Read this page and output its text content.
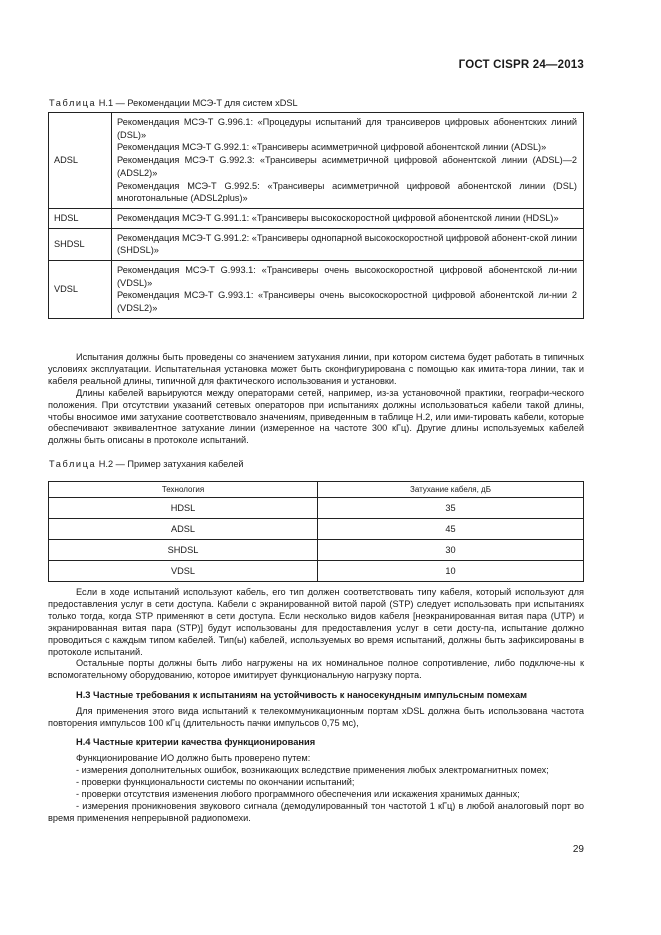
ГОСТ CISPR 24—2013
Таблица Н.1 — Рекомендации МСЭ-Т для систем xDSL
ADSL	Рекомендация МСЭ-Т G.996.1: «Процедуры испытаний для трансиверов цифровых абонентских линий (DSL)»
Рекомендация МСЭ-Т G.992.1: «Трансиверы асимметричной цифровой абонентской линии (ADSL)»
Рекомендация МСЭ-Т G.992.3: «Трансиверы асимметричной цифровой абонентской линии (ADSL)—2 (ADSL2)»
Рекомендация МСЭ-Т G.992.5: «Трансиверы асимметричной цифровой абонентской линии (DSL) многотональные (ADSL2plus)»

HDSL	Рекомендация МСЭ-Т G.991.1: «Трансиверы высокоскоростной цифровой абонентской линии (HDSL)»

SHDSL	Рекомендация МСЭ-Т G.991.2: «Трансиверы однопарной высокоскоростной цифровой абонент-ской линии (SHDSL)»

VDSL	Рекомендация МСЭ-Т G.993.1: «Трансиверы очень высокоскоростной цифровой абонентской ли-нии (VDSL)»
Рекомендация МСЭ-Т G.993.1: «Трансиверы очень высокоскоростной цифровой абонентской ли-нии 2 (VDSL2)»

Испытания должны быть проведены со значением затухания линии, при котором система будет работать в типичных условиях эксплуатации. Испытательная установка может быть сконфигурирована с помощью как имита-тора линии, так и кабеля реальной длины, типичной для фактического использования и установки.

Длины кабелей варьируются между операторами сетей, например, из-за установочной практики, географи-ческого положения. При отсутствии указаний сетевых операторов при испытаниях должны использоваться кабели такой длины, чтобы вносимое ими затухание соответствовало значениям, приведенным в таблице Н.2, или ими-тировать кабели, которые обеспечивают эквивалентное затухание линии (измеренное на частоте 300 кГц). Другие длины используемых кабелей должны быть описаны в протоколе испытаний.

Таблица Н.2 — Пример затухания кабелей
Технология	Затухание кабеля, дБ
HDSL	35
ADSL	45
SHDSL	30
VDSL	10

Если в ходе испытаний используют кабель, его тип должен соответствовать типу кабеля, который используют для предоставления услуг в сети доступа. Кабели с экранированной витой парой (STP) следует использовать при испытаниях только тогда, когда STP применяют в сети доступа. Если несколько видов кабеля [неэкранированная витая пара (UTP) и экранированная витая пара (STP)] будут использованы для предоставления услуг в сети досту-па, испытание должно проводиться с каждым типом кабелей. Тип(ы) кабелей, используемых во время испытаний, должны быть зафиксированы в протоколе испытаний.

Остальные порты должны быть либо нагружены на их номинальное полное сопротивление, либо подключе-ны к вспомогательному оборудованию, которое имитирует функциональную нагрузку порта.

Н.3 Частные требования к испытаниям на устойчивость к наносекундным импульсным помехам

Для применения этого вида испытаний к телекоммуникационным портам xDSL должна быть использована частота повторения импульсов 100 кГц (длительность пачки импульсов 0,75 мс),

Н.4 Частные критерии качества функционирования

Функционирование ИО должно быть проверено путем:

- измерения дополнительных ошибок, возникающих вследствие применения любых электромагнитных помех;

- проверки функциональности системы по окончании испытаний;

- проверки отсутствия изменения любого программного обеспечения или искажения хранимых данных;

- измерения проникновения звукового сигнала (демодулированный тон частотой 1 кГц) в любой аналоговый порт во время применения непрерывной радиопомехи.

29
